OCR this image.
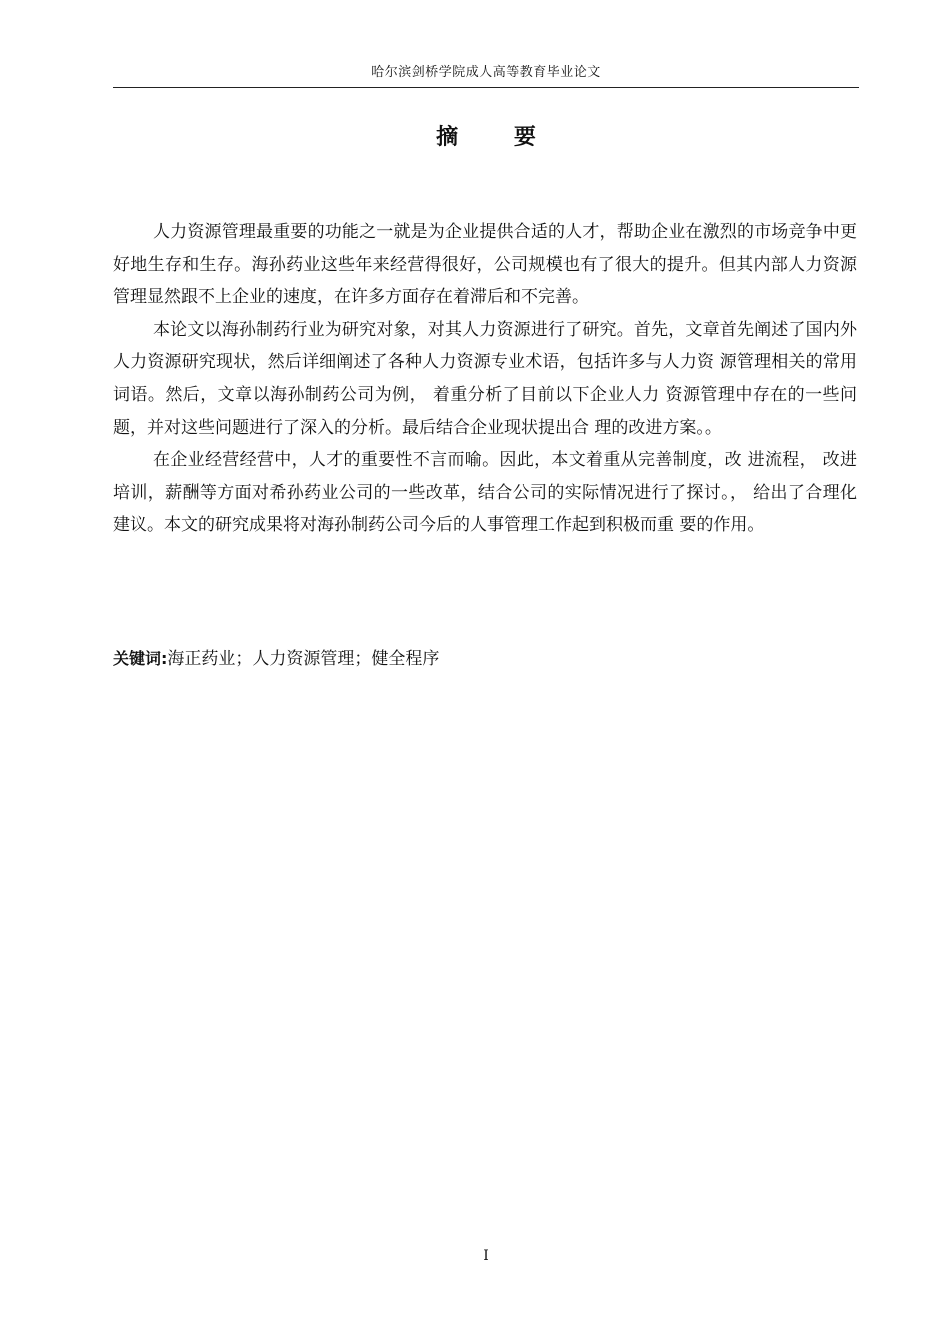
哈尔滨剑桥学院成人高等教育毕业论文
摘 要

人力资源管理最重要的功能之一就是为企业提供合适的人才，帮助企业在激烈的市场竞争中更好地生存和生存。海孙药业这些年来经营得很好，公司规模也有了很大的提升。但其内部人力资源管理显然跟不上企业的速度，在许多方面存在着滞后和不完善。

本论文以海孙制药行业为研究对象，对其人力资源进行了研究。首先，文章首先阐述了国内外人力资源研究现状，然后详细阐述了各种人力资源专业术语，包括许多与人力资 源管理相关的常用词语。然后，文章以海孙制药公司为例， 着重分析了目前以下企业人力 资源管理中存在的一些问题，并对这些问题进行了深入的分析。最后结合企业现状提出合 理的改进方案。。

在企业经营经营中，人才的重要性不言而喻。因此，本文着重从完善制度，改 进流程， 改进培训，薪酬等方面对希孙药业公司的一些改革，结合公司的实际情况进行了探讨。， 给出了合理化建议。本文的研究成果将对海孙制药公司今后的人事管理工作起到积极而重 要的作用。

关键词:海正药业；人力资源管理；健全程序
I
